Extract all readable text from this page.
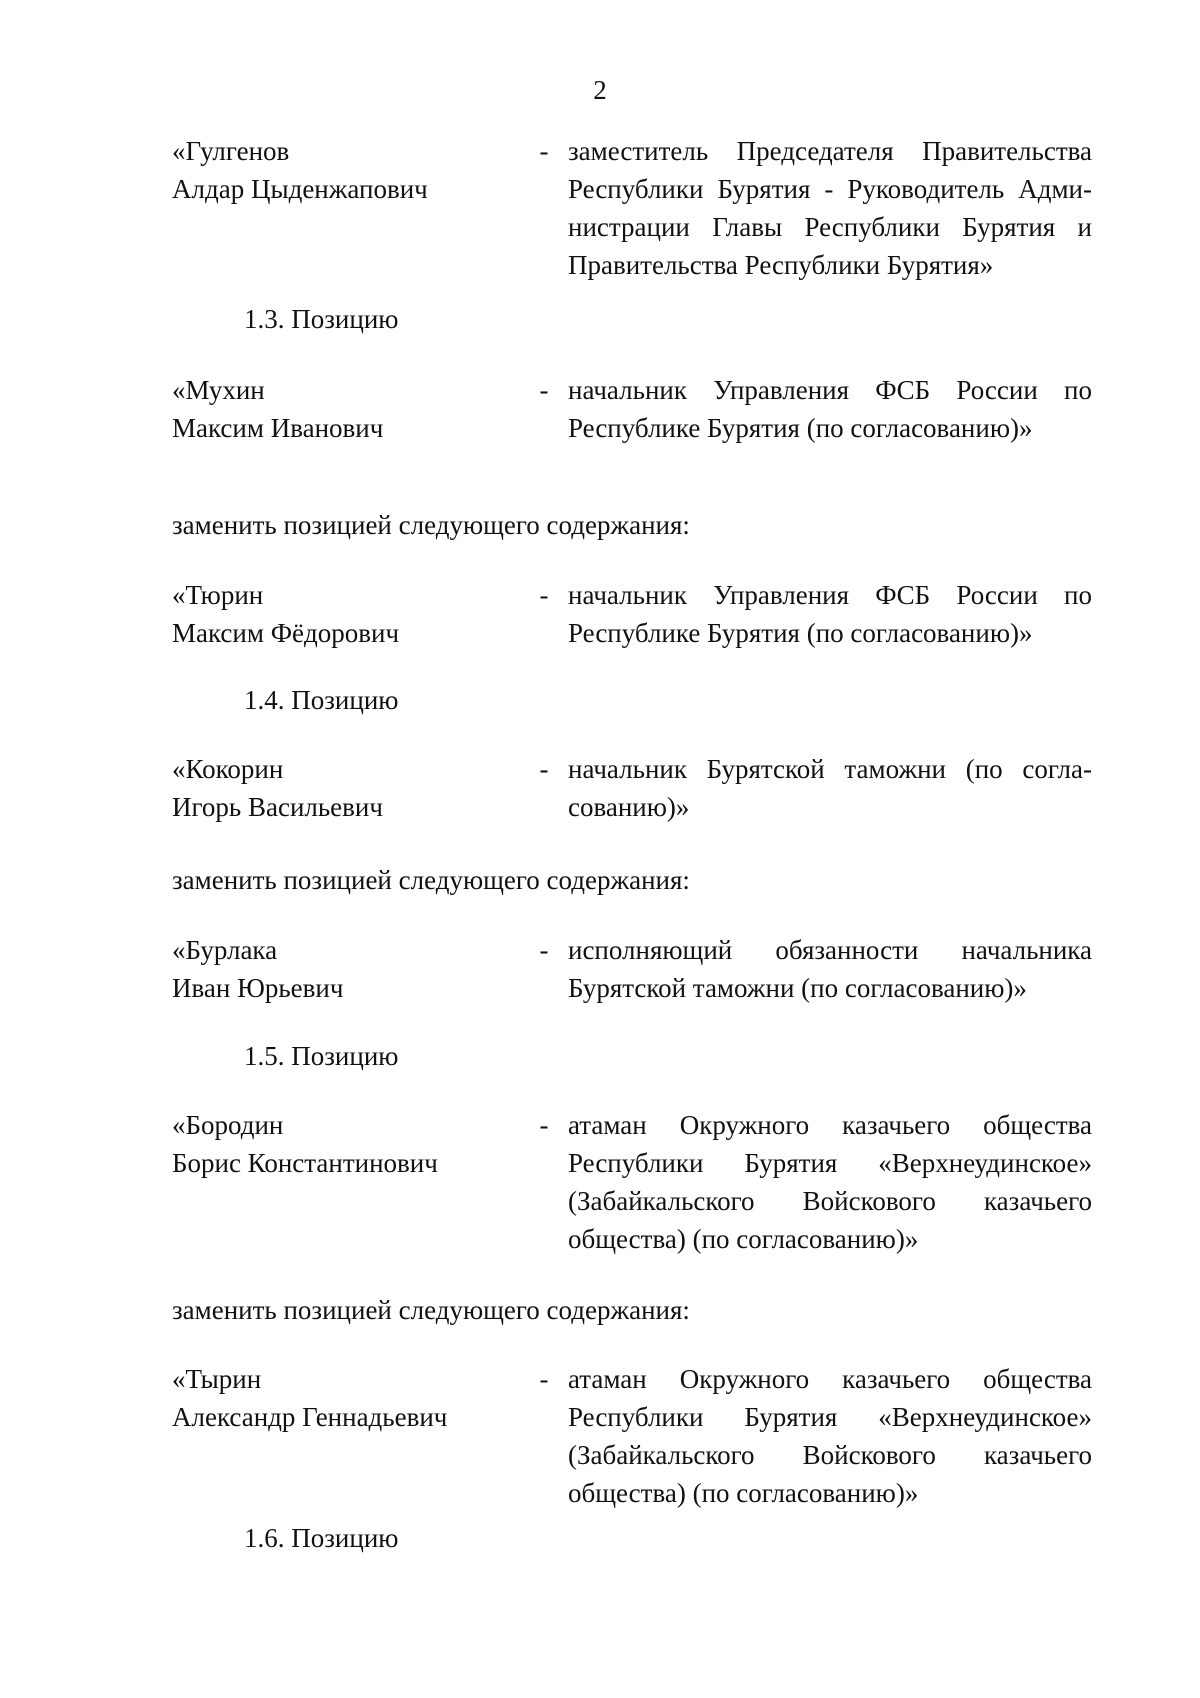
2
«Гулгенов
Алдар Цыденжапович
- заместитель Председателя Правительства
Республики Бурятия - Руководитель Адми-
нистрации Главы Республики Бурятия и
Правительства Республики Бурятия»
1.3. Позицию
«Мухин
Максим Иванович
- начальник Управления ФСБ России по
Республике Бурятия (по согласованию)»
заменить позицией следующего содержания:
«Тюрин
Максим Фёдорович
- начальник Управления ФСБ России по
Республике Бурятия (по согласованию)»
1.4. Позицию
«Кокорин
Игорь Васильевич
- начальник Бурятской таможни (по согла-
сованию)»
заменить позицией следующего содержания:
«Бурлака
Иван Юрьевич
- исполняющий обязанности начальника
Бурятской таможни (по согласованию)»
1.5. Позицию
«Бородин
Борис Константинович
- атаман Окружного казачьего общества
Республики Бурятия «Верхнеудинское»
(Забайкальского Войскового казачьего
общества) (по согласованию)»
заменить позицией следующего содержания:
«Тырин
Александр Геннадьевич
- атаман Окружного казачьего общества
Республики Бурятия «Верхнеудинское»
(Забайкальского Войскового казачьего
общества) (по согласованию)»
1.6. Позицию
